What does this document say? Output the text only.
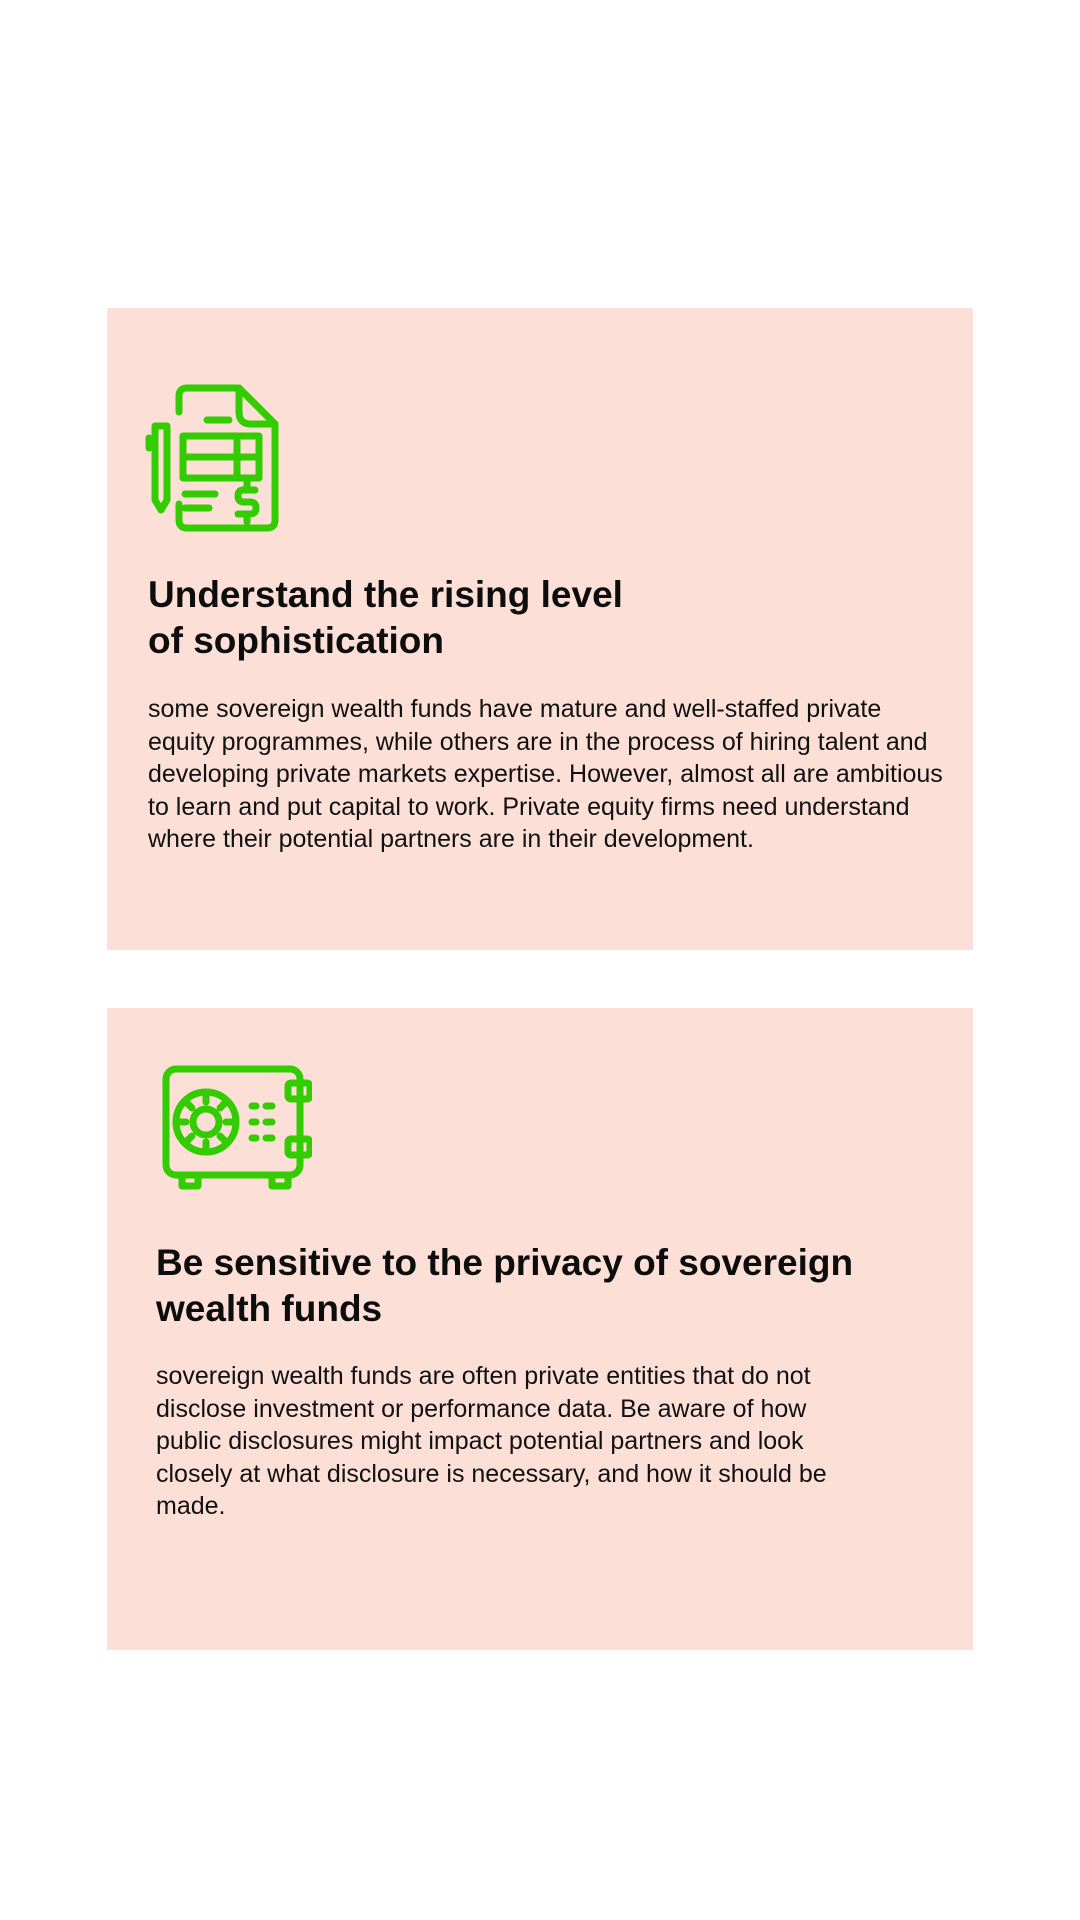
Understand the rising level of sophistication

some sovereign wealth funds have mature and well-staffed private equity programmes, while others are in the process of hiring talent and developing private markets expertise. However, almost all are ambitious to learn and put capital to work. Private equity firms need understand where their potential partners are in their development.

Be sensitive to the privacy of sovereign wealth funds

sovereign wealth funds are often private entities that do not disclose investment or performance data. Be aware of how public disclosures might impact potential partners and look closely at what disclosure is necessary, and how it should be made.
